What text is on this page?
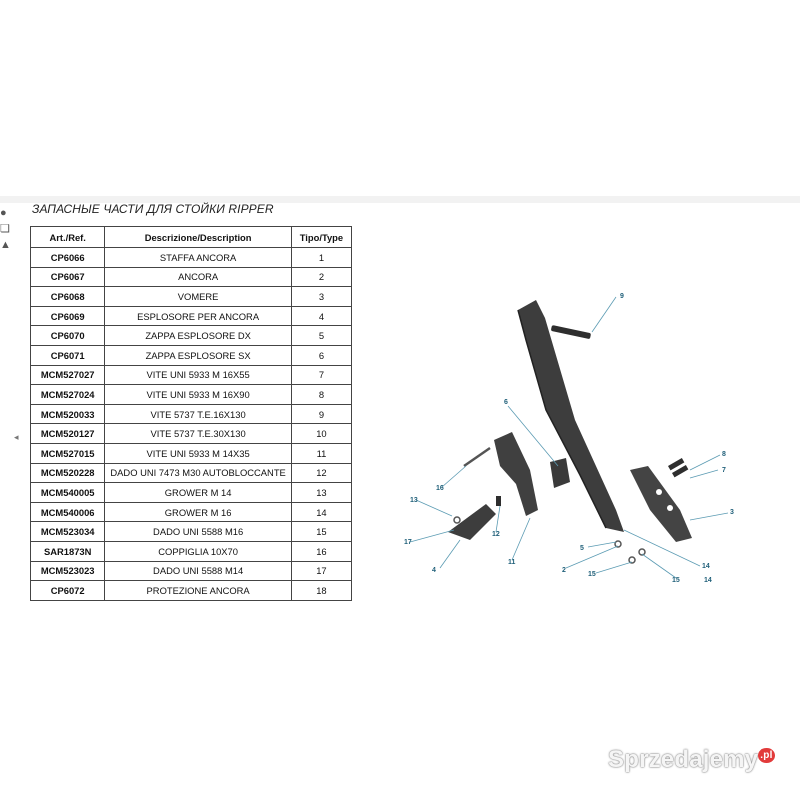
●
❏
▲
◂
ЗАПАСНЫЕ ЧАСТИ ДЛЯ СТОЙКИ RIPPER
Art./Ref.	Descrizione/Description	Tipo/Type
CP6066	STAFFA ANCORA	1
CP6067	ANCORA	2
CP6068	VOMERE	3
CP6069	ESPLOSORE PER ANCORA	4
CP6070	ZAPPA ESPLOSORE DX	5
CP6071	ZAPPA ESPLOSORE SX	6
MCM527027	VITE UNI 5933 M 16X55	7
MCM527024	VITE UNI 5933 M 16X90	8
MCM520033	VITE 5737 T.E.16X130	9
MCM520127	VITE 5737 T.E.30X130	10
MCM527015	VITE UNI 5933 M 14X35	11
MCM520228	DADO UNI 7473 M30 AUTOBLOCCANTE	12
MCM540005	GROWER M 14	13
MCM540006	GROWER M 16	14
MCM523034	DADO UNI 5588 M16	15
SAR1873N	COPPIGLIA 10X70	16
MCM523023	DADO UNI 5588 M14	17
CP6072	PROTEZIONE ANCORA	18
9
6
8
7
3
16
13
17
12
11
4
5
14
2
15
15	14
Sprzedajemy $^{.pl}$
